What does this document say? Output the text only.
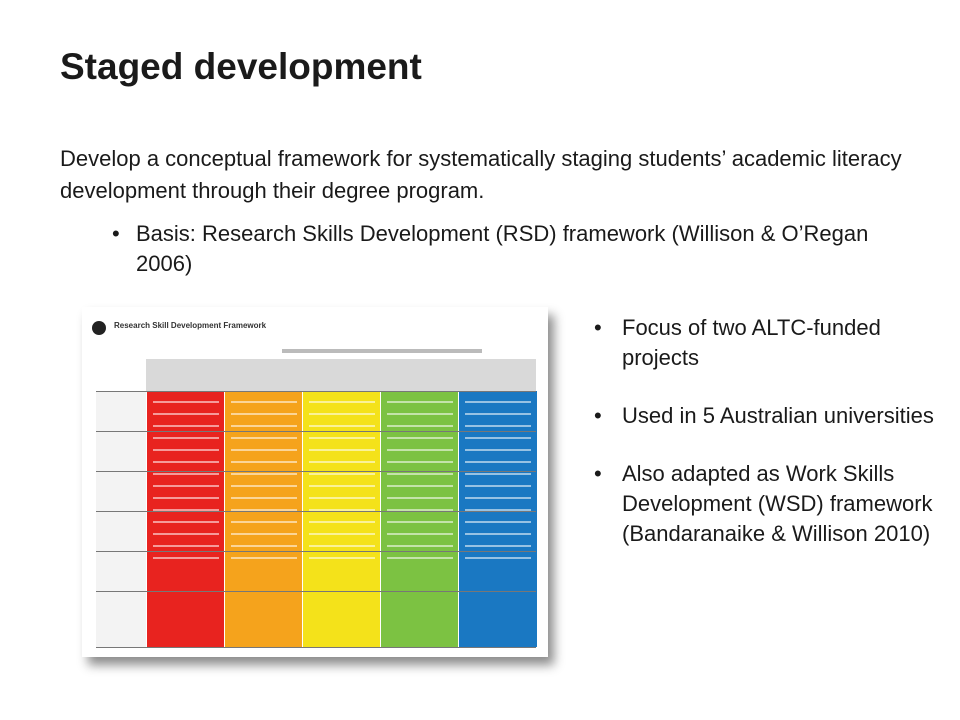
Staged development

Develop a conceptual framework for systematically staging students’ academic literacy development through their degree program.

• Basis: Research Skills Development (RSD) framework (Willison & O’Regan 2006)
Research Skill Development Framework	• Focus of two ALTC-funded projects
• Used in 5 Australian universities
• Also adapted as Work Skills Development (WSD) framework (Bandaranaike & Willison 2010)
